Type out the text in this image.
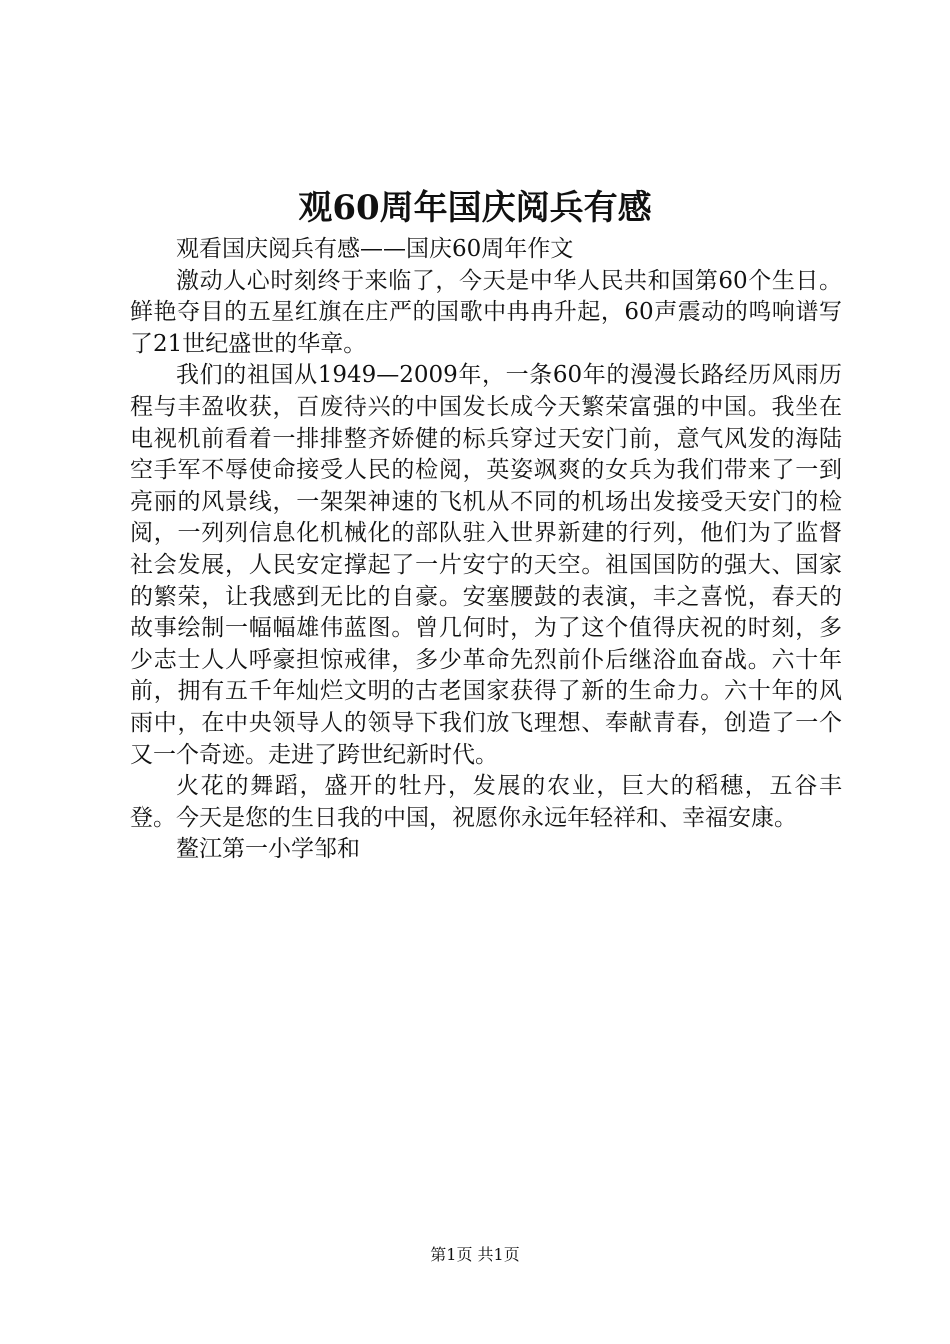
观60周年国庆阅兵有感

观看国庆阅兵有感——国庆60周年作文

激动人心时刻终于来临了，今天是中华人民共和国第60个生日。鲜艳夺目的五星红旗在庄严的国歌中冉冉升起，60声震动的鸣响谱写了21世纪盛世的华章。

我们的祖国从1949—2009年，一条60年的漫漫长路经历风雨历程与丰盈收获，百废待兴的中国发长成今天繁荣富强的中国。我坐在电视机前看着一排排整齐娇健的标兵穿过天安门前，意气风发的海陆空手军不辱使命接受人民的检阅，英姿飒爽的女兵为我们带来了一到亮丽的风景线，一架架神速的飞机从不同的机场出发接受天安门的检阅，一列列信息化机械化的部队驻入世界新建的行列，他们为了监督社会发展，人民安定撑起了一片安宁的天空。祖国国防的强大、国家的繁荣，让我感到无比的自豪。安塞腰鼓的表演，丰之喜悦，春天的故事绘制一幅幅雄伟蓝图。曾几何时，为了这个值得庆祝的时刻，多少志士人人呼豪担惊戒律，多少革命先烈前仆后继浴血奋战。六十年前，拥有五千年灿烂文明的古老国家获得了新的生命力。六十年的风雨中，在中央领导人的领导下我们放飞理想、奉献青春，创造了一个又一个奇迹。走进了跨世纪新时代。

火花的舞蹈，盛开的牡丹，发展的农业，巨大的稻穗，五谷丰登。今天是您的生日我的中国，祝愿你永远年轻祥和、幸福安康。

鳌江第一小学邹和

第1页 共1页
